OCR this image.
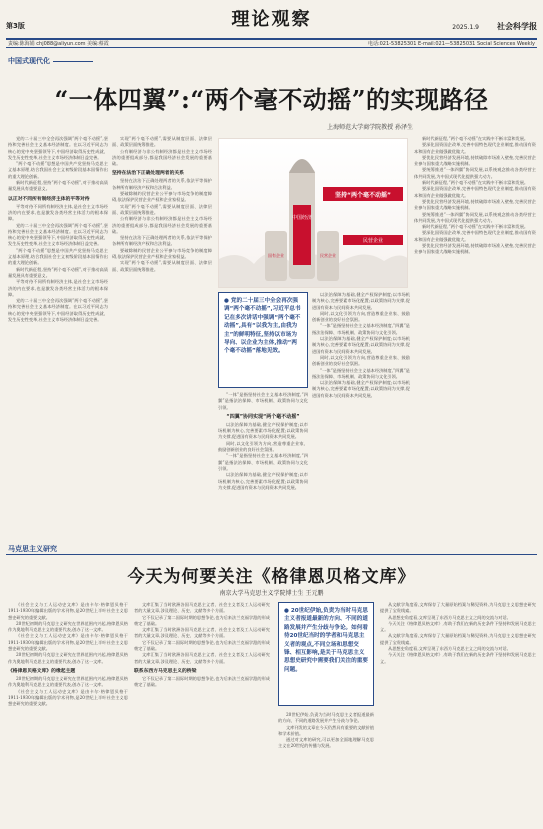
第3版	理论观察	2025.1.9 社会科学报
责编:陈海娟 chj088@aliyun.com 美编:蔡霞	电话:021-53825301 E-mail:021—53825031 Social Sciences Weekly
中国式现代化
“一体四翼”:“两个毫不动摇”的实现路径
上海师范大学商学院教授 孙泽生

党的二十届三中全会再次强调“两个毫不动摇”,坚持和完善社会主义基本经济制度。在以习近平同志为核心的党中央坚强领导下,中国经济取得历史性成就、发生历史性变革,社会主义市场经济体制日益完善。

“两个毫不动摇”思想是中国共产党坚持马克思主义基本原理,结合我国社会主义初级阶段基本国情作出的重大理论创新。

新时代新征程,坚持“两个毫不动摇”,对于推动高质量发展具有重要意义。

以正对不同所有制经济主体的平等对待

平等对待不同所有制经济主体,是社会主义市场经济的内在要求,也是激发各类经营主体活力的根本保障。

党的二十届三中全会再次强调“两个毫不动摇”,坚持和完善社会主义基本经济制度。在以习近平同志为核心的党中央坚强领导下,中国经济取得历史性成就、发生历史性变革,社会主义市场经济体制日益完善。

“两个毫不动摇”思想是中国共产党坚持马克思主义基本原理,结合我国社会主义初级阶段基本国情作出的重大理论创新。

新时代新征程,坚持“两个毫不动摇”,对于推动高质量发展具有重要意义。

平等对待不同所有制经济主体,是社会主义市场经济的内在要求,也是激发各类经营主体活力的根本保障。

党的二十届三中全会再次强调“两个毫不动摇”,坚持和完善社会主义基本经济制度。在以习近平同志为核心的党中央坚强领导下,中国经济取得历史性成就、发生历史性变革,社会主义市场经济体制日益完善。

实现“两个毫不动摇”,需要从制度层面、法律层面、政策层面统筹推进。

公有制经济与非公有制经济都是社会主义市场经济的重要组成部分,都是我国经济社会发展的重要基础。

坚持在法治下正确处理两者的关系

坚持在法治下正确处理两者的关系,依法平等保护各种所有制经济产权和合法利益。

要破除制约民营企业公平参与市场竞争的制度障碍,依法保护民营企业产权和企业家权益。

实现“两个毫不动摇”,需要从制度层面、法律层面、政策层面统筹推进。

公有制经济与非公有制经济都是社会主义市场经济的重要组成部分,都是我国经济社会发展的重要基础。

坚持在法治下正确处理两者的关系,依法平等保护各种所有制经济产权和合法利益。

要破除制约民营企业公平参与市场竞争的制度障碍,依法保护民营企业产权和企业家权益。

实现“两个毫不动摇”,需要从制度层面、法律层面、政策层面统筹推进。

中国经济
国有企业	民营企业
坚持“两个毫不动摇”
民营企业
● 党的二十届三中全会再次强调“两个毫不动摇”,习近平总书记在多次讲话中强调“两个毫不动摇”,具有“以我为主,由我为主”的鲜明特征,坚持以市场为导向、以企业为主体,推动“两个毫不动摇”落地见效。

“一体”是指坚持社会主义基本经济制度,“四翼”是指法治保障、市场机制、政策协同与文化引领。

“四翼”协同实现“两个毫不动摇”

以法治保障为基础,健全产权保护制度;以市场机制为核心,完善要素市场化配置;以政策协同为支撑,促进国有资本与民间资本共同发展。

同时,以文化引领为方向,营造尊重企业家、鼓励创新创业的良好社会氛围。

“一体”是指坚持社会主义基本经济制度,“四翼”是指法治保障、市场机制、政策协同与文化引领。

以法治保障为基础,健全产权保护制度;以市场机制为核心,完善要素市场化配置;以政策协同为支撑,促进国有资本与民间资本共同发展。

以法治保障为基础,健全产权保护制度;以市场机制为核心,完善要素市场化配置;以政策协同为支撑,促进国有资本与民间资本共同发展。

同时,以文化引领为方向,营造尊重企业家、鼓励创新创业的良好社会氛围。

“一体”是指坚持社会主义基本经济制度,“四翼”是指法治保障、市场机制、政策协同与文化引领。

以法治保障为基础,健全产权保护制度;以市场机制为核心,完善要素市场化配置;以政策协同为支撑,促进国有资本与民间资本共同发展。

同时,以文化引领为方向,营造尊重企业家、鼓励创新创业的良好社会氛围。

“一体”是指坚持社会主义基本经济制度,“四翼”是指法治保障、市场机制、政策协同与文化引领。

以法治保障为基础,健全产权保护制度;以市场机制为核心,完善要素市场化配置;以政策协同为支撑,促进国有资本与民间资本共同发展。

新时代新征程,“两个毫不动摇”在实践中不断丰富和发展。

要深化国资国企改革,完善中国特色现代企业制度,推动国有资本和国有企业做强做优做大。

要优化民营经济发展环境,持续破除市场准入壁垒,完善民营企业参与国家重大战略实施机制。

要统筹推进“一体四翼”协同发展,以系统观念推动各类经营主体共同发展,为中国式现代化提供强大动力。

新时代新征程,“两个毫不动摇”在实践中不断丰富和发展。

要深化国资国企改革,完善中国特色现代企业制度,推动国有资本和国有企业做强做优做大。

要优化民营经济发展环境,持续破除市场准入壁垒,完善民营企业参与国家重大战略实施机制。

要统筹推进“一体四翼”协同发展,以系统观念推动各类经营主体共同发展,为中国式现代化提供强大动力。

新时代新征程,“两个毫不动摇”在实践中不断丰富和发展。

要深化国资国企改革,完善中国特色现代企业制度,推动国有资本和国有企业做强做优做大。

要优化民营经济发展环境,持续破除市场准入壁垒,完善民营企业参与国家重大战略实施机制。

马克思主义研究
今天为何要关注《格律恩贝格文库》
南京大学马克思主义学院博士生 王元鹏

《社会主义与工人运动史文库》是由卡尔·格律恩贝格于1911-1930年编辑出版的学术刊物,是20世纪上半叶社会主义思想史研究的重要文献。

20世纪初期的马克思主义研究在世界范围内兴起,格律恩贝格作为奥地利马克思主义的重要代表,创办了这一文库。

《社会主义与工人运动史文库》是由卡尔·格律恩贝格于1911-1930年编辑出版的学术刊物,是20世纪上半叶社会主义思想史研究的重要文献。

20世纪初期的马克思主义研究在世界范围内兴起,格律恩贝格作为奥地利马克思主义的重要代表,创办了这一文库。

《格律恩贝格文库》的缘起主题

20世纪初期的马克思主义研究在世界范围内兴起,格律恩贝格作为奥地利马克思主义的重要代表,创办了这一文库。

《社会主义与工人运动史文库》是由卡尔·格律恩贝格于1911-1930年编辑出版的学术刊物,是20世纪上半叶社会主义思想史研究的重要文献。

文库汇集了当时欧洲各国马克思主义者、社会主义者及工人运动研究者的大量文章,涉及理论、历史、文献等多个方面。

它不仅记录了第二国际时期的思想争论,也为后来法兰克福学派的形成奠定了基础。

文库汇集了当时欧洲各国马克思主义者、社会主义者及工人运动研究者的大量文章,涉及理论、历史、文献等多个方面。

它不仅记录了第二国际时期的思想争论,也为后来法兰克福学派的形成奠定了基础。

文库汇集了当时欧洲各国马克思主义者、社会主义者及工人运动研究者的大量文章,涉及理论、历史、文献等多个方面。

联系东西方马克思主义的桥梁

它不仅记录了第二国际时期的思想争论,也为后来法兰克福学派的形成奠定了基础。

● 20世纪伊始,负责为当时马克思主义者报道最新的方向、不同的道路发展并产生分歧与争论。如何看待20世纪当时的学者和马克思主义者的观点,不同立场和思想交锋、相互影响,是关于马克思主义思想史研究中需要我们关注的重要问题。

20世纪伊始,负责为当时马克思主义者报道最新的方向、不同的道路发展并产生分歧与争论。

文库刊发的文章在今天仍然具有重要的文献价值和学术价值。

通过对文库的研究,可以更加全面地理解马克思主义在20世纪的传播与发展。

从文献学角度看,文库保存了大量原始档案与稀见资料,为马克思主义思想史研究提供了宝贵线索。

从思想史角度看,文库呈现了东西方马克思主义之间的交流与对话。

今天关注《格律恩贝格文库》,有助于我们在新的历史条件下坚持和发展马克思主义。

从文献学角度看,文库保存了大量原始档案与稀见资料,为马克思主义思想史研究提供了宝贵线索。

从思想史角度看,文库呈现了东西方马克思主义之间的交流与对话。

今天关注《格律恩贝格文库》,有助于我们在新的历史条件下坚持和发展马克思主义。
